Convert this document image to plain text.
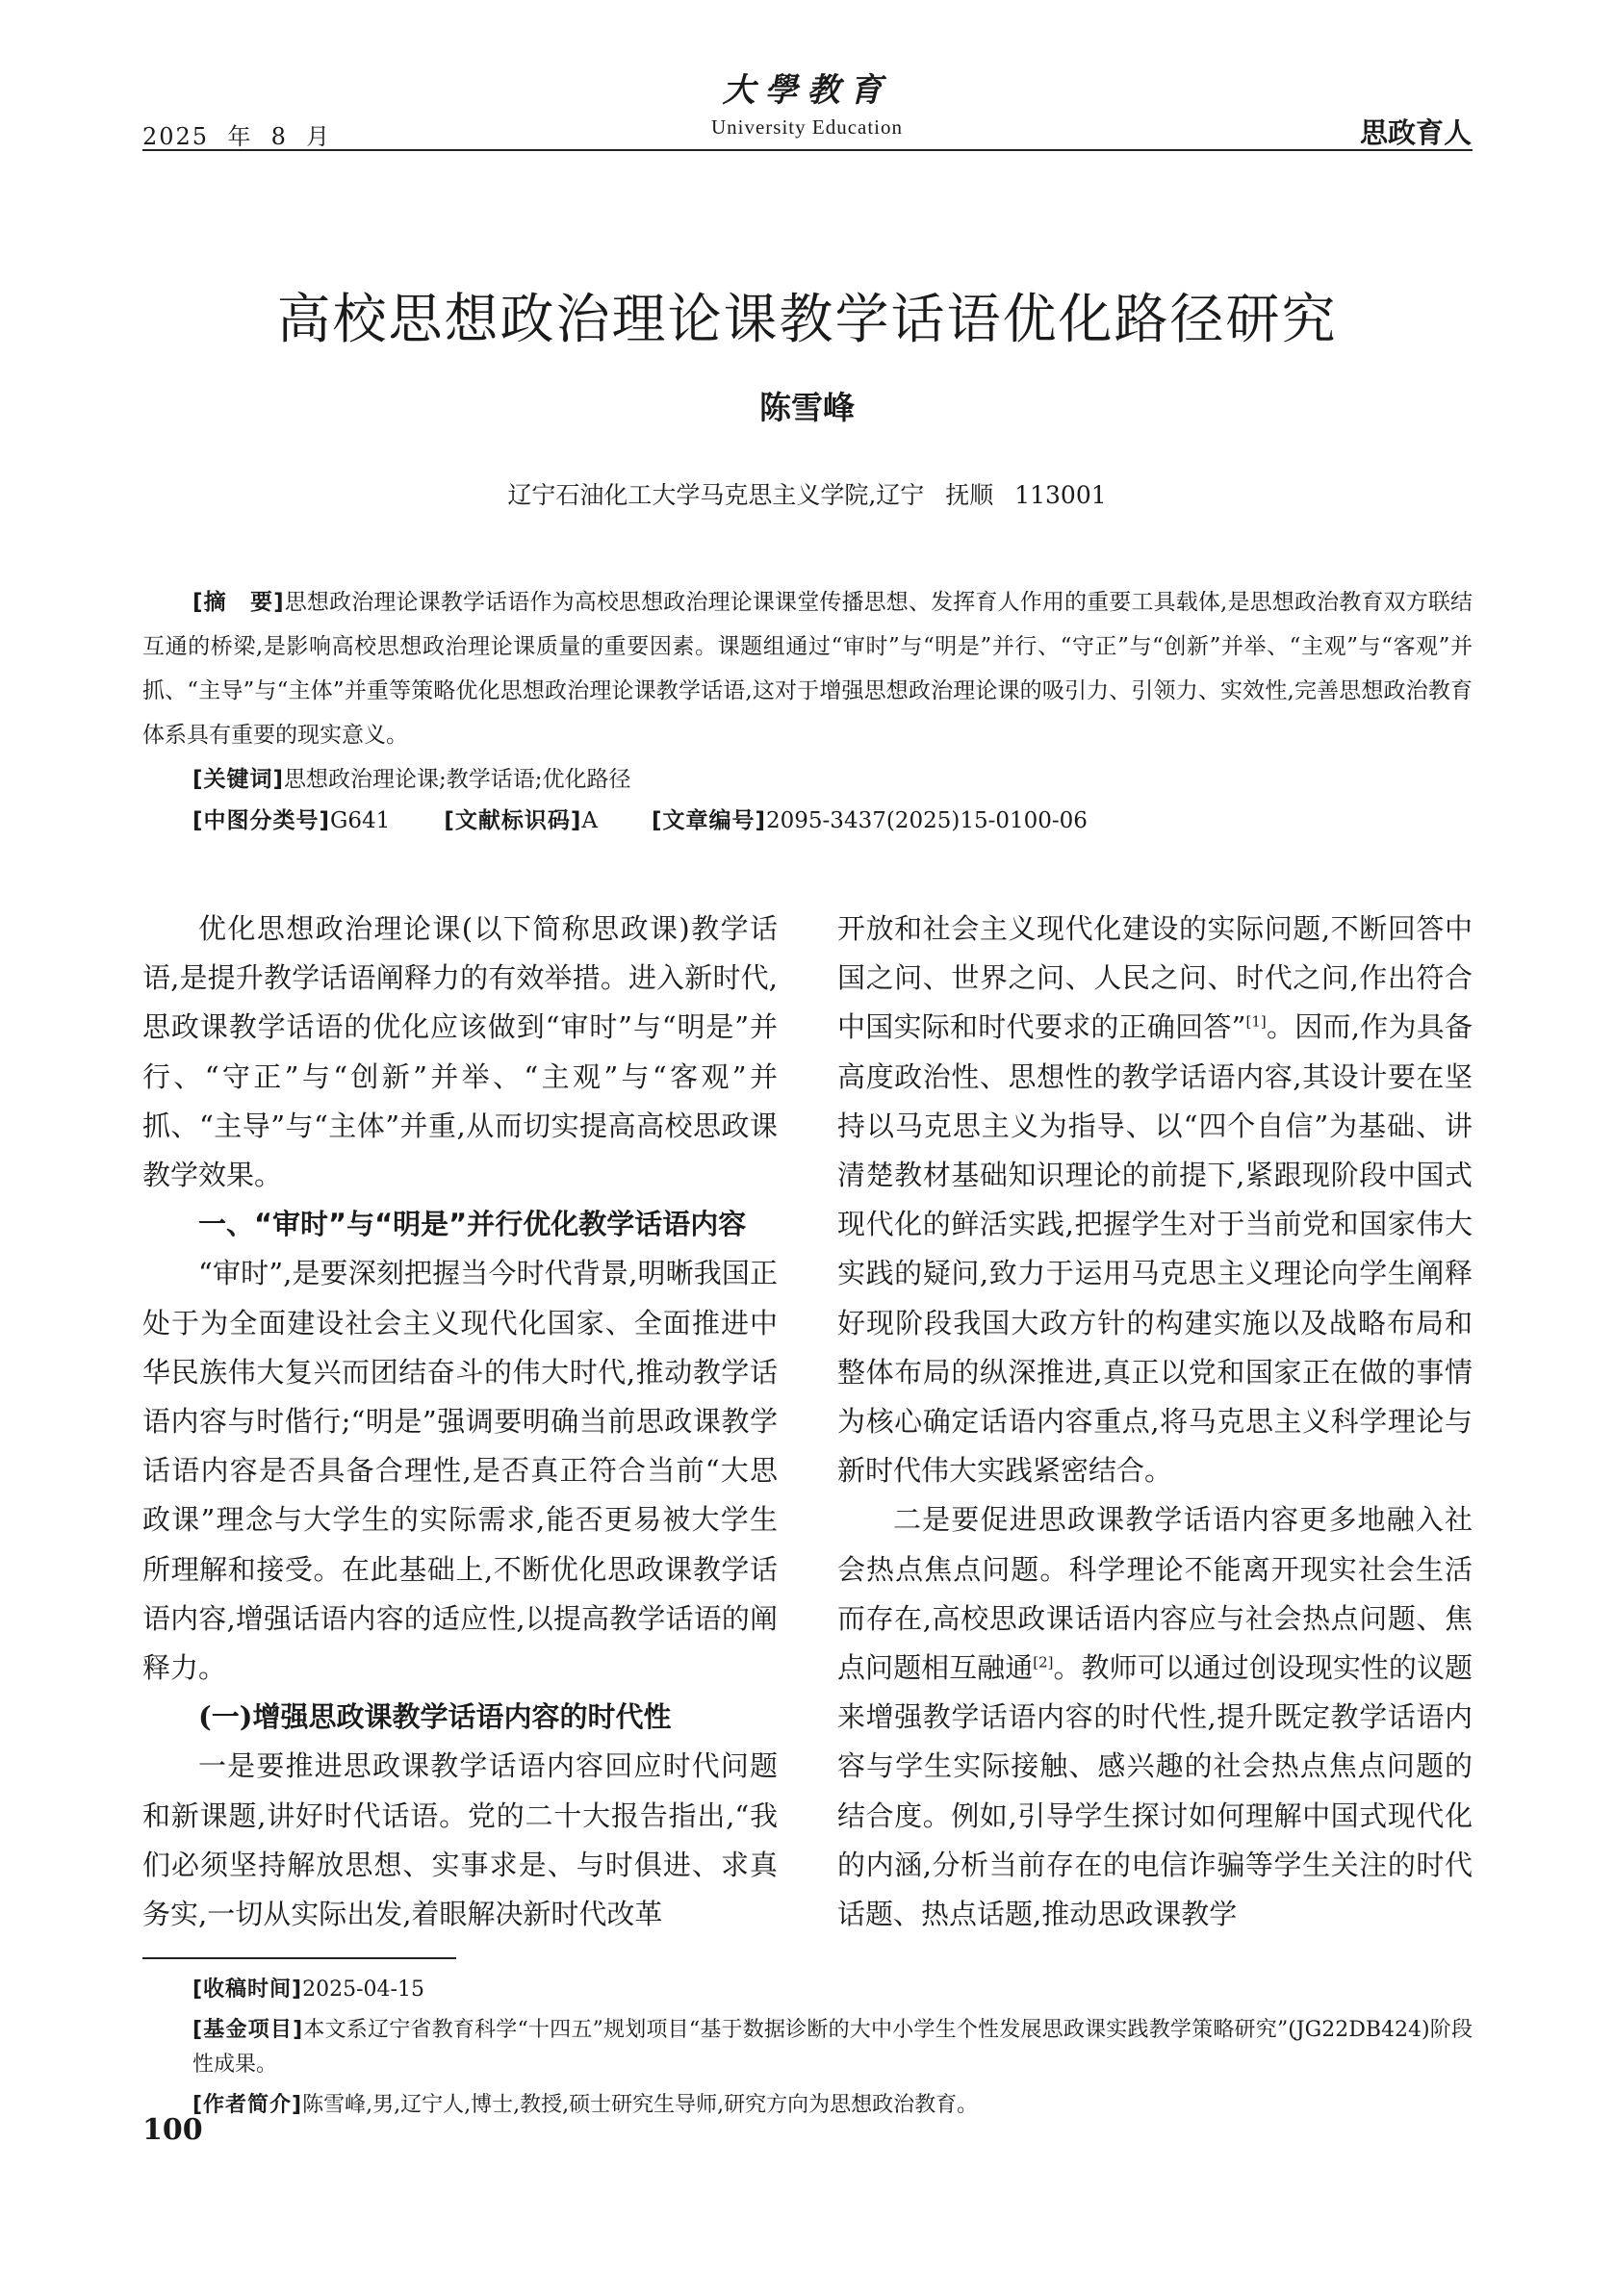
2025  年  8  月
大學教育
University Education	思政育人
高校思想政治理论课教学话语优化路径研究
陈雪峰
辽宁石油化工大学马克思主义学院,辽宁 抚顺 113001

[摘　要]思想政治理论课教学话语作为高校思想政治理论课课堂传播思想、发挥育人作用的重要工具载体,是思想政治教育双方联结互通的桥梁,是影响高校思想政治理论课质量的重要因素。课题组通过“审时”与“明是”并行、“守正”与“创新”并举、“主观”与“客观”并抓、“主导”与“主体”并重等策略优化思想政治理论课教学话语,这对于增强思想政治理论课的吸引力、引领力、实效性,完善思想政治教育体系具有重要的现实意义。

[关键词]思想政治理论课;教学话语;优化路径

[中图分类号]G641 [文献标识码]A [文章编号]2095-3437(2025)15-0100-06

优化思想政治理论课(以下简称思政课)教学话语,是提升教学话语阐释力的有效举措。进入新时代,思政课教学话语的优化应该做到“审时”与“明是”并行、“守正”与“创新”并举、“主观”与“客观”并抓、“主导”与“主体”并重,从而切实提高高校思政课教学效果。

一、“审时”与“明是”并行优化教学话语内容

“审时”,是要深刻把握当今时代背景,明晰我国正处于为全面建设社会主义现代化国家、全面推进中华民族伟大复兴而团结奋斗的伟大时代,推动教学话语内容与时偕行;“明是”强调要明确当前思政课教学话语内容是否具备合理性,是否真正符合当前“大思政课”理念与大学生的实际需求,能否更易被大学生所理解和接受。在此基础上,不断优化思政课教学话语内容,增强话语内容的适应性,以提高教学话语的阐释力。

(一)增强思政课教学话语内容的时代性

一是要推进思政课教学话语内容回应时代问题和新课题,讲好时代话语。党的二十大报告指出,“我们必须坚持解放思想、实事求是、与时俱进、求真务实,一切从实际出发,着眼解决新时代改革

开放和社会主义现代化建设的实际问题,不断回答中国之问、世界之问、人民之问、时代之问,作出符合中国实际和时代要求的正确回答”[1]。因而,作为具备高度政治性、思想性的教学话语内容,其设计要在坚持以马克思主义为指导、以“四个自信”为基础、讲清楚教材基础知识理论的前提下,紧跟现阶段中国式现代化的鲜活实践,把握学生对于当前党和国家伟大实践的疑问,致力于运用马克思主义理论向学生阐释好现阶段我国大政方针的构建实施以及战略布局和整体布局的纵深推进,真正以党和国家正在做的事情为核心确定话语内容重点,将马克思主义科学理论与新时代伟大实践紧密结合。

二是要促进思政课教学话语内容更多地融入社会热点焦点问题。科学理论不能离开现实社会生活而存在,高校思政课话语内容应与社会热点问题、焦点问题相互融通[2]。教师可以通过创设现实性的议题来增强教学话语内容的时代性,提升既定教学话语内容与学生实际接触、感兴趣的社会热点焦点问题的结合度。例如,引导学生探讨如何理解中国式现代化的内涵,分析当前存在的电信诈骗等学生关注的时代话题、热点话题,推动思政课教学

[收稿时间]2025-04-15
[基金项目]本文系辽宁省教育科学“十四五”规划项目“基于数据诊断的大中小学生个性发展思政课实践教学策略研究”(JG22DB424)阶段性成果。
[作者简介]陈雪峰,男,辽宁人,博士,教授,硕士研究生导师,研究方向为思想政治教育。
100
